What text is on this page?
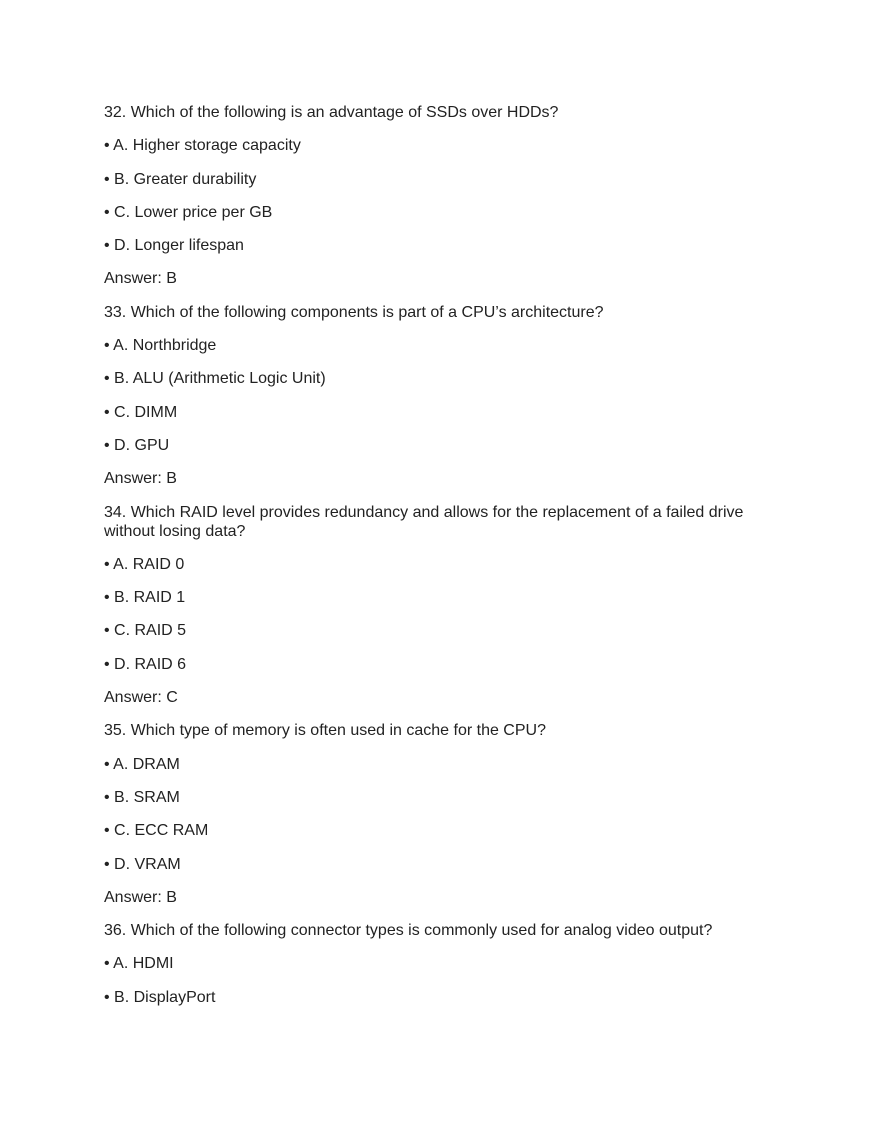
32. Which of the following is an advantage of SSDs over HDDs?

• A. Higher storage capacity

• B. Greater durability

• C. Lower price per GB

• D. Longer lifespan

Answer: B

33. Which of the following components is part of a CPU’s architecture?

• A. Northbridge

• B. ALU (Arithmetic Logic Unit)

• C. DIMM

• D. GPU

Answer: B

34. Which RAID level provides redundancy and allows for the replacement of a failed drive without losing data?

• A. RAID 0

• B. RAID 1

• C. RAID 5

• D. RAID 6

Answer: C

35. Which type of memory is often used in cache for the CPU?

• A. DRAM

• B. SRAM

• C. ECC RAM

• D. VRAM

Answer: B

36. Which of the following connector types is commonly used for analog video output?

• A. HDMI

• B. DisplayPort
